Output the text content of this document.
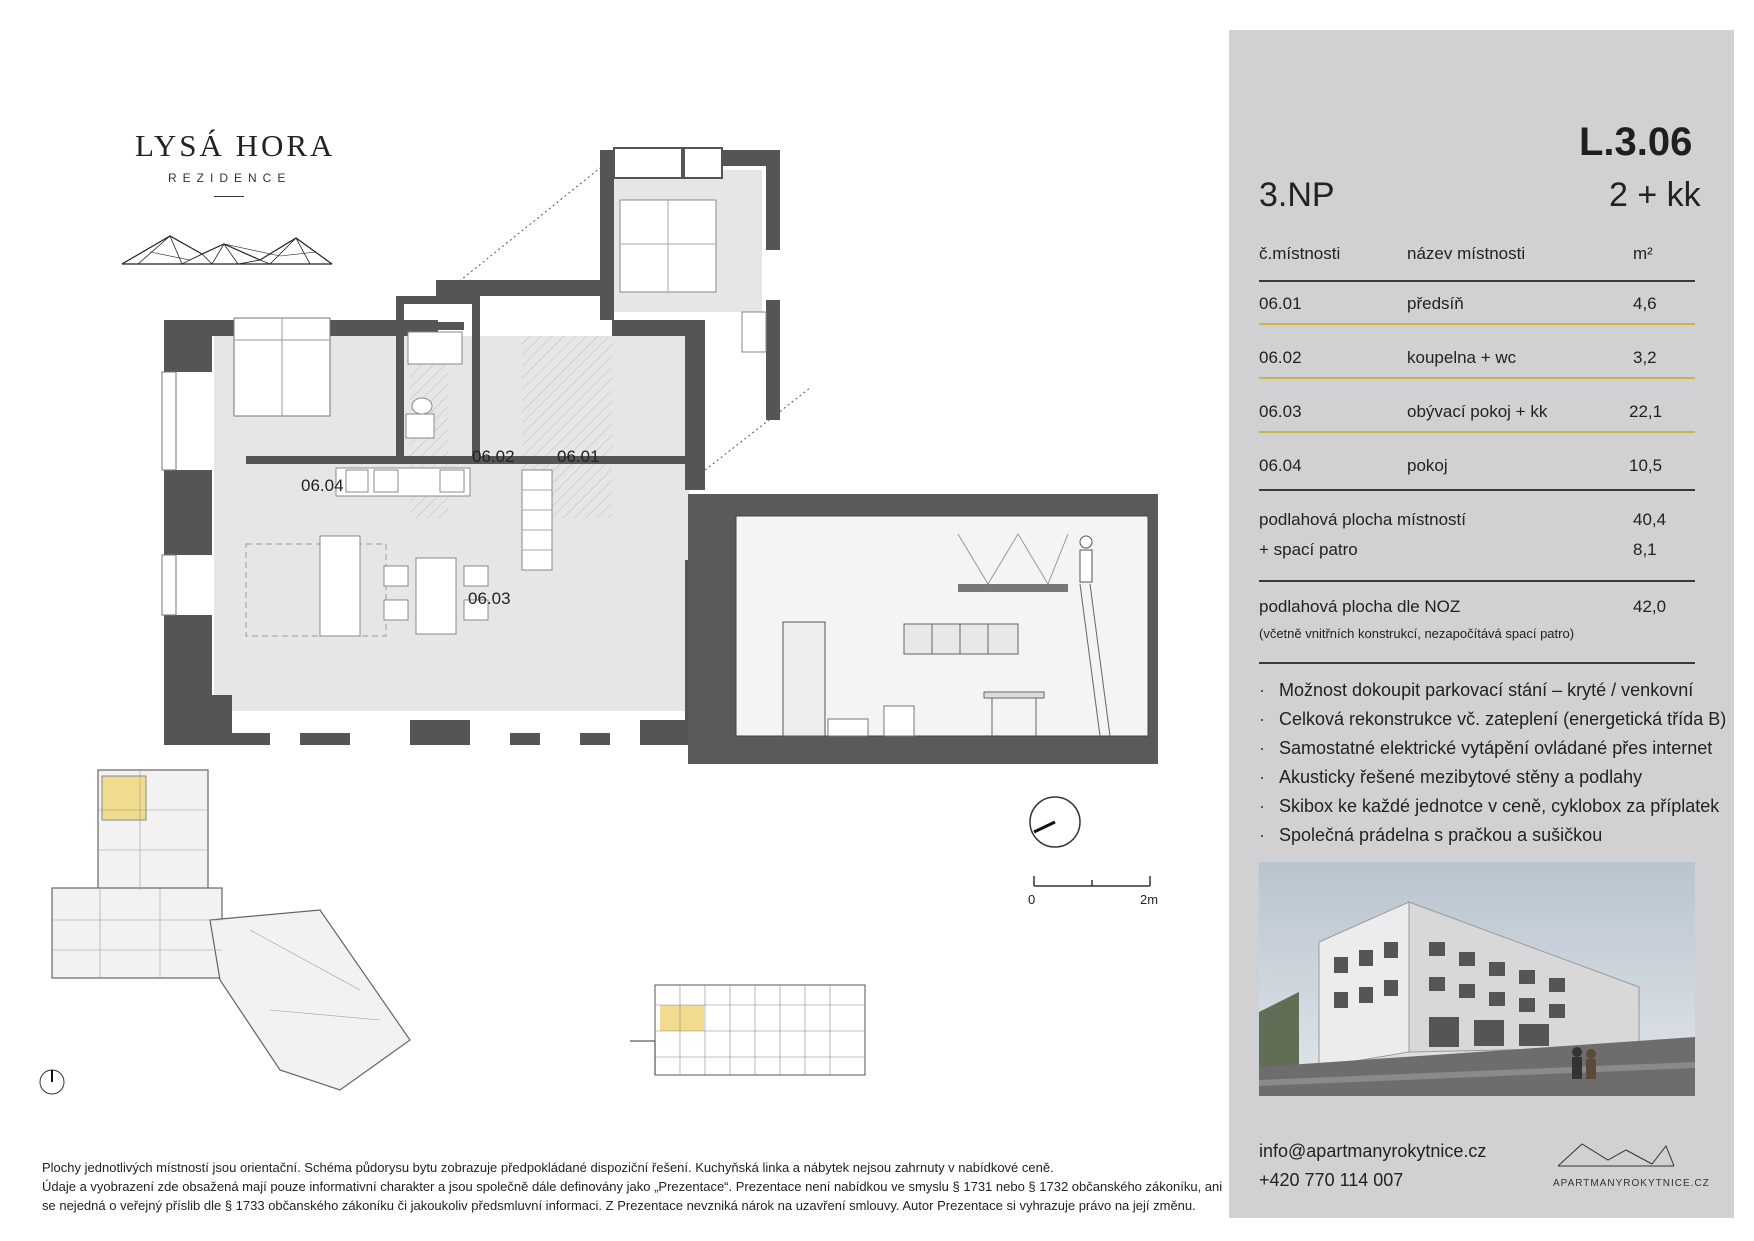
LYSÁ HORA
REZIDENCE
06.04
06.02 06.01
06.03
0	2m
Plochy jednotlivých místností jsou orientační. Schéma půdorysu bytu zobrazuje předpokládané dispoziční řešení. Kuchyňská linka a nábytek nejsou zahrnuty v nabídkové ceně.
Údaje a vyobrazení zde obsažená mají pouze informativní charakter a jsou společně dále definovány jako „Prezentace“. Prezentace není nabídkou ve smyslu § 1731 nebo § 1732 občanského zákoníku, ani
se nejedná o veřejný příslib dle § 1733 občanského zákoníku či jakoukoliv předsmluvní informaci. Z Prezentace nevzniká nárok na uzavření smlouvy. Autor Prezentace si vyhrazuje právo na její změnu.
L.3.06
3.NP	2 + kk
č.místnosti	název místnosti	m²
06.01	předsíň	4,6
06.02	koupelna + wc	3,2
06.03	obývací pokoj + kk	22,1
06.04	pokoj	10,5
podlahová plocha místností	40,4
+ spací patro	8,1
podlahová plocha dle NOZ	42,0
(včetně vnitřních konstrukcí, nezapočítává spací patro)
· Možnost dokoupit parkovací stání – kryté / venkovní
· Celková rekonstrukce vč. zateplení (energetická třída B)
· Samostatné elektrické vytápění ovládané přes internet
· Akusticky řešené mezibytové stěny a podlahy
· Skibox ke každé jednotce v ceně, cyklobox za příplatek
· Společná prádelna s pračkou a sušičkou
info@apartmanyrokytnice.cz
+420 770 114 007	APARTMANYROKYTNICE.CZ
